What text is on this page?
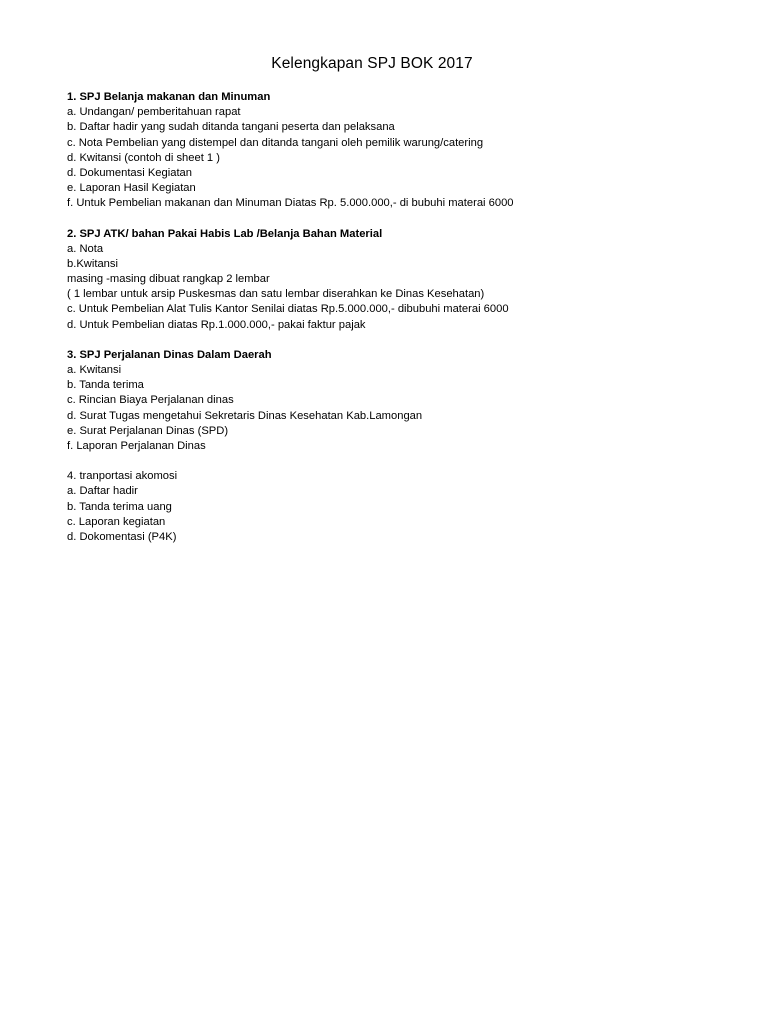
Kelengkapan SPJ BOK 2017
1. SPJ Belanja makanan dan Minuman
a. Undangan/ pemberitahuan rapat
b. Daftar hadir yang sudah ditanda tangani peserta dan pelaksana
c. Nota Pembelian yang distempel dan ditanda tangani oleh pemilik warung/catering
d. Kwitansi (contoh di sheet 1 )
d. Dokumentasi Kegiatan
e. Laporan Hasil Kegiatan
f. Untuk Pembelian makanan dan Minuman Diatas Rp. 5.000.000,- di bubuhi materai 6000
2. SPJ ATK/ bahan Pakai Habis Lab /Belanja Bahan Material
a. Nota
b.Kwitansi
masing -masing dibuat rangkap 2 lembar
( 1 lembar untuk arsip Puskesmas dan satu lembar diserahkan ke Dinas Kesehatan)
c. Untuk Pembelian Alat Tulis Kantor Senilai diatas Rp.5.000.000,- dibubuhi materai 6000
d. Untuk Pembelian diatas Rp.1.000.000,- pakai faktur pajak
3. SPJ Perjalanan Dinas Dalam Daerah
a. Kwitansi
b. Tanda terima
c. Rincian Biaya Perjalanan dinas
d. Surat Tugas mengetahui Sekretaris Dinas Kesehatan Kab.Lamongan
e. Surat Perjalanan Dinas (SPD)
f. Laporan Perjalanan Dinas
4. tranportasi akomosi
a. Daftar hadir
b. Tanda terima uang
c. Laporan kegiatan
d. Dokomentasi (P4K)
